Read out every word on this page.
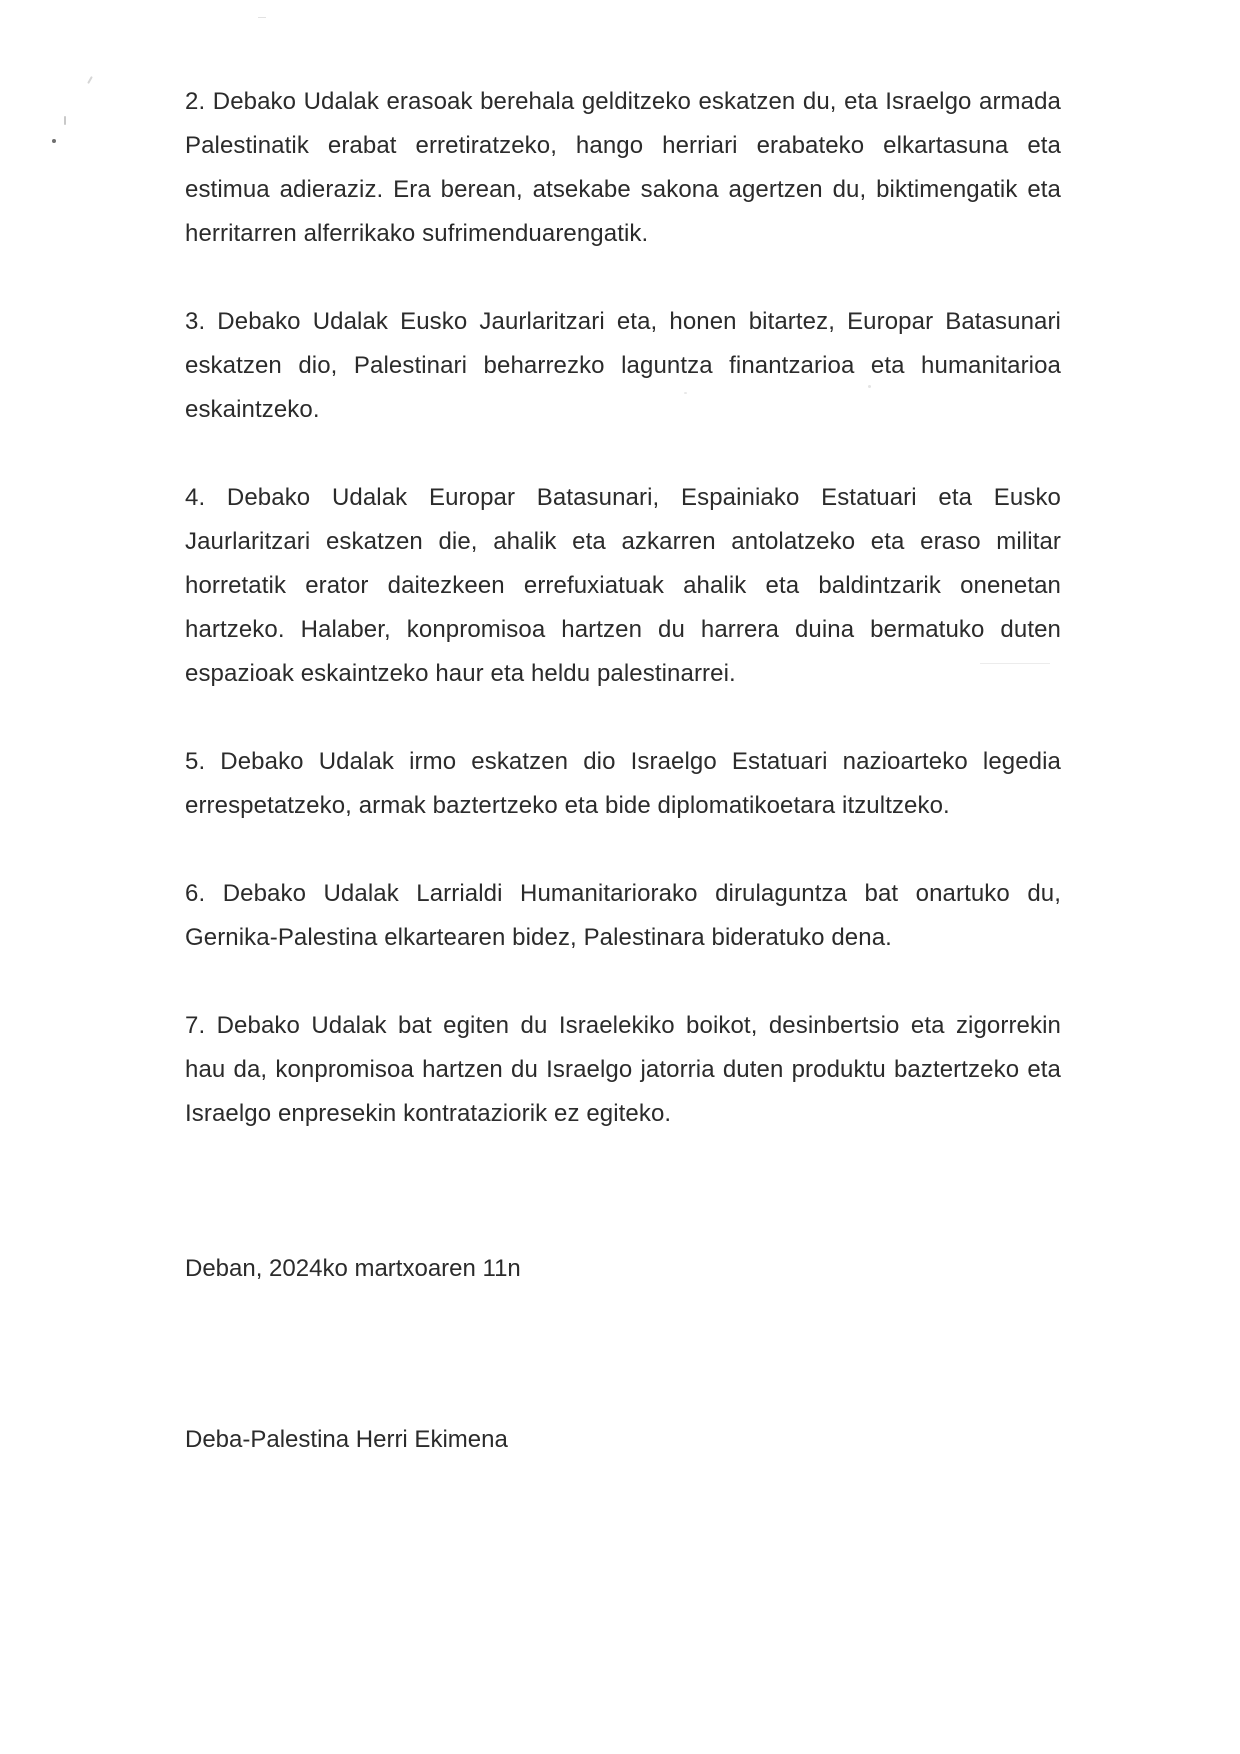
2. Debako Udalak erasoak berehala gelditzeko eskatzen du, eta Israelgo armada Palestinatik erabat erretiratzeko, hango herriari erabateko elkartasuna eta estimua adieraziz. Era berean, atsekabe sakona agertzen du, biktimengatik eta herritarren alferrikako sufrimenduarengatik.

3. Debako Udalak Eusko Jaurlaritzari eta, honen bitartez, Europar Batasunari eskatzen dio, Palestinari beharrezko laguntza finantzarioa eta humanitarioa eskaintzeko.

4. Debako Udalak Europar Batasunari, Espainiako Estatuari eta Eusko Jaurlaritzari eskatzen die, ahalik eta azkarren antolatzeko eta eraso militar horretatik erator daitezkeen errefuxiatuak ahalik eta baldintzarik onenetan hartzeko. Halaber, konpromisoa hartzen du harrera duina bermatuko duten espazioak eskaintzeko haur eta heldu palestinarrei.

5. Debako Udalak irmo eskatzen dio Israelgo Estatuari nazioarteko legedia errespetatzeko, armak baztertzeko eta bide diplomatikoetara itzultzeko.

6. Debako Udalak Larrialdi Humanitariorako dirulaguntza bat onartuko du, Gernika-Palestina elkartearen bidez, Palestinara bideratuko dena.

7. Debako Udalak bat egiten du Israelekiko boikot, desinbertsio eta zigorrekin hau da, konpromisoa hartzen du Israelgo jatorria duten produktu baztertzeko eta Israelgo enpresekin kontrataziorik ez egiteko.

Deban, 2024ko martxoaren 11n

Deba-Palestina Herri Ekimena
